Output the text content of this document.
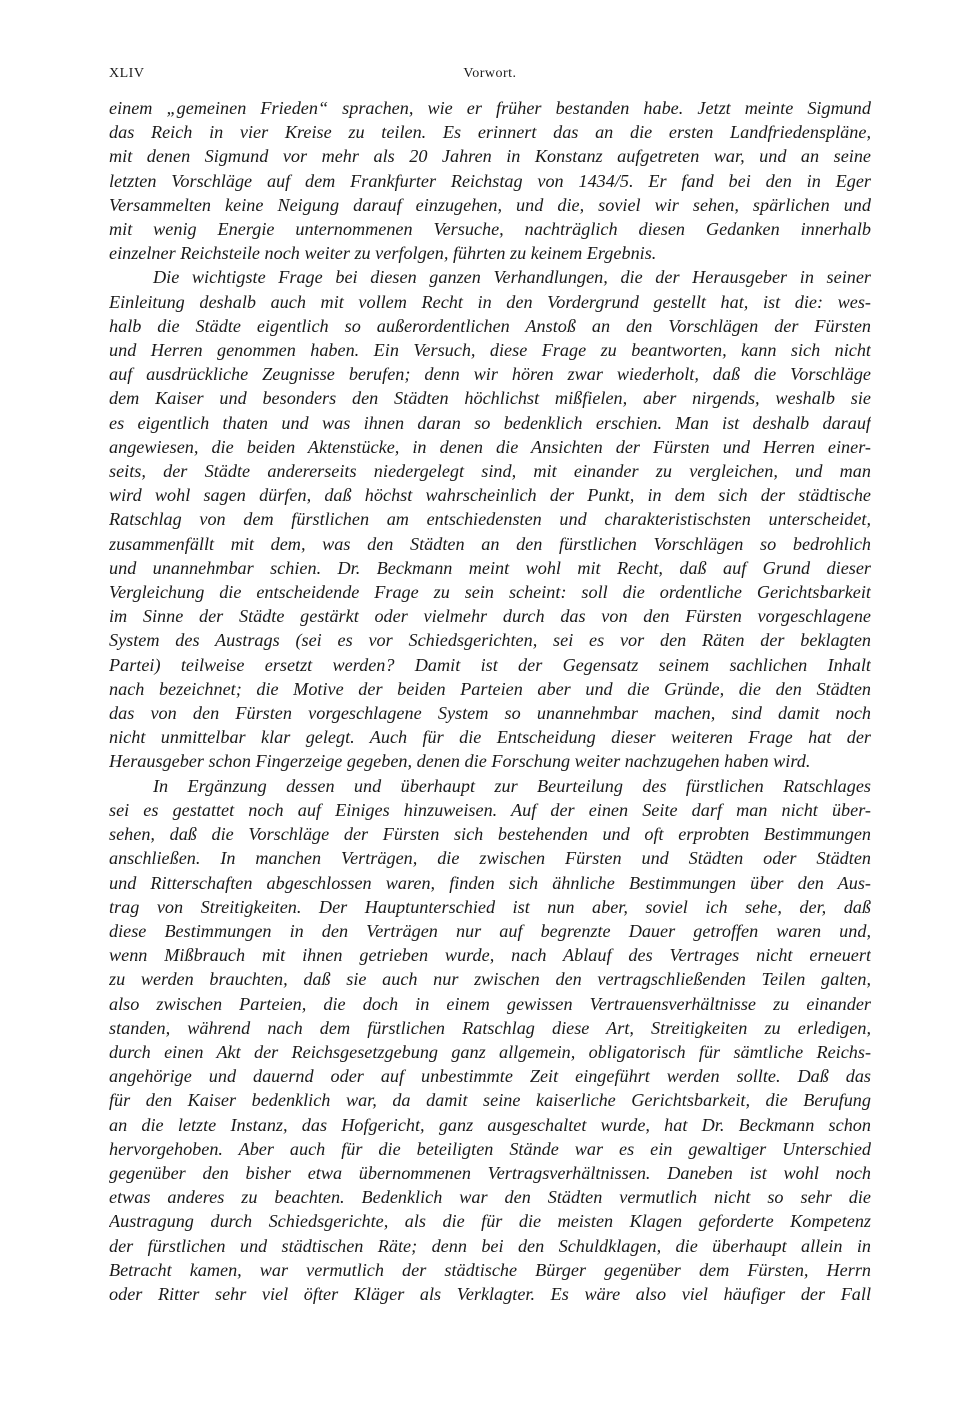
XLIV	Vorwort.

einem „gemeinen Frieden“ sprachen, wie er früher bestanden habe. Jetzt meinte Sigmund

das Reich in vier Kreise zu teilen. Es erinnert das an die ersten Landfriedenspläne,

mit denen Sigmund vor mehr als 20 Jahren in Konstanz aufgetreten war, und an seine

letzten Vorschläge auf dem Frankfurter Reichstag von 1434/5. Er fand bei den in Eger

Versammelten keine Neigung darauf einzugehen, und die, soviel wir sehen, spärlichen und

mit wenig Energie unternommenen Versuche, nachträglich diesen Gedanken innerhalb

einzelner Reichsteile noch weiter zu verfolgen, führten zu keinem Ergebnis.

Die wichtigste Frage bei diesen ganzen Verhandlungen, die der Herausgeber in seiner

Einleitung deshalb auch mit vollem Recht in den Vordergrund gestellt hat, ist die: wes-

halb die Städte eigentlich so außerordentlichen Anstoß an den Vorschlägen der Fürsten

und Herren genommen haben. Ein Versuch, diese Frage zu beantworten, kann sich nicht

auf ausdrückliche Zeugnisse berufen; denn wir hören zwar wiederholt, daß die Vorschläge

dem Kaiser und besonders den Städten höchlichst mißfielen, aber nirgends, weshalb sie

es eigentlich thaten und was ihnen daran so bedenklich erschien. Man ist deshalb darauf

angewiesen, die beiden Aktenstücke, in denen die Ansichten der Fürsten und Herren einer-

seits, der Städte andererseits niedergelegt sind, mit einander zu vergleichen, und man

wird wohl sagen dürfen, daß höchst wahrscheinlich der Punkt, in dem sich der städtische

Ratschlag von dem fürstlichen am entschiedensten und charakteristischsten unterscheidet,

zusammenfällt mit dem, was den Städten an den fürstlichen Vorschlägen so bedrohlich

und unannehmbar schien. Dr. Beckmann meint wohl mit Recht, daß auf Grund dieser

Vergleichung die entscheidende Frage zu sein scheint: soll die ordentliche Gerichtsbarkeit

im Sinne der Städte gestärkt oder vielmehr durch das von den Fürsten vorgeschlagene

System des Austrags (sei es vor Schiedsgerichten, sei es vor den Räten der beklagten

Partei) teilweise ersetzt werden? Damit ist der Gegensatz seinem sachlichen Inhalt

nach bezeichnet; die Motive der beiden Parteien aber und die Gründe, die den Städten

das von den Fürsten vorgeschlagene System so unannehmbar machen, sind damit noch

nicht unmittelbar klar gelegt. Auch für die Entscheidung dieser weiteren Frage hat der

Herausgeber schon Fingerzeige gegeben, denen die Forschung weiter nachzugehen haben wird.

In Ergänzung dessen und überhaupt zur Beurteilung des fürstlichen Ratschlages

sei es gestattet noch auf Einiges hinzuweisen. Auf der einen Seite darf man nicht über-

sehen, daß die Vorschläge der Fürsten sich bestehenden und oft erprobten Bestimmungen

anschließen. In manchen Verträgen, die zwischen Fürsten und Städten oder Städten

und Ritterschaften abgeschlossen waren, finden sich ähnliche Bestimmungen über den Aus-

trag von Streitigkeiten. Der Hauptunterschied ist nun aber, soviel ich sehe, der, daß

diese Bestimmungen in den Verträgen nur auf begrenzte Dauer getroffen waren und,

wenn Mißbrauch mit ihnen getrieben wurde, nach Ablauf des Vertrages nicht erneuert

zu werden brauchten, daß sie auch nur zwischen den vertragschließenden Teilen galten,

also zwischen Parteien, die doch in einem gewissen Vertrauensverhältnisse zu einander

standen, während nach dem fürstlichen Ratschlag diese Art, Streitigkeiten zu erledigen,

durch einen Akt der Reichsgesetzgebung ganz allgemein, obligatorisch für sämtliche Reichs-

angehörige und dauernd oder auf unbestimmte Zeit eingeführt werden sollte. Daß das

für den Kaiser bedenklich war, da damit seine kaiserliche Gerichtsbarkeit, die Berufung

an die letzte Instanz, das Hofgericht, ganz ausgeschaltet wurde, hat Dr. Beckmann schon

hervorgehoben. Aber auch für die beteiligten Stände war es ein gewaltiger Unterschied

gegenüber den bisher etwa übernommenen Vertragsverhältnissen. Daneben ist wohl noch

etwas anderes zu beachten. Bedenklich war den Städten vermutlich nicht so sehr die

Austragung durch Schiedsgerichte, als die für die meisten Klagen geforderte Kompetenz

der fürstlichen und städtischen Räte; denn bei den Schuldklagen, die überhaupt allein in

Betracht kamen, war vermutlich der städtische Bürger gegenüber dem Fürsten, Herrn

oder Ritter sehr viel öfter Kläger als Verklagter. Es wäre also viel häufiger der Fall
